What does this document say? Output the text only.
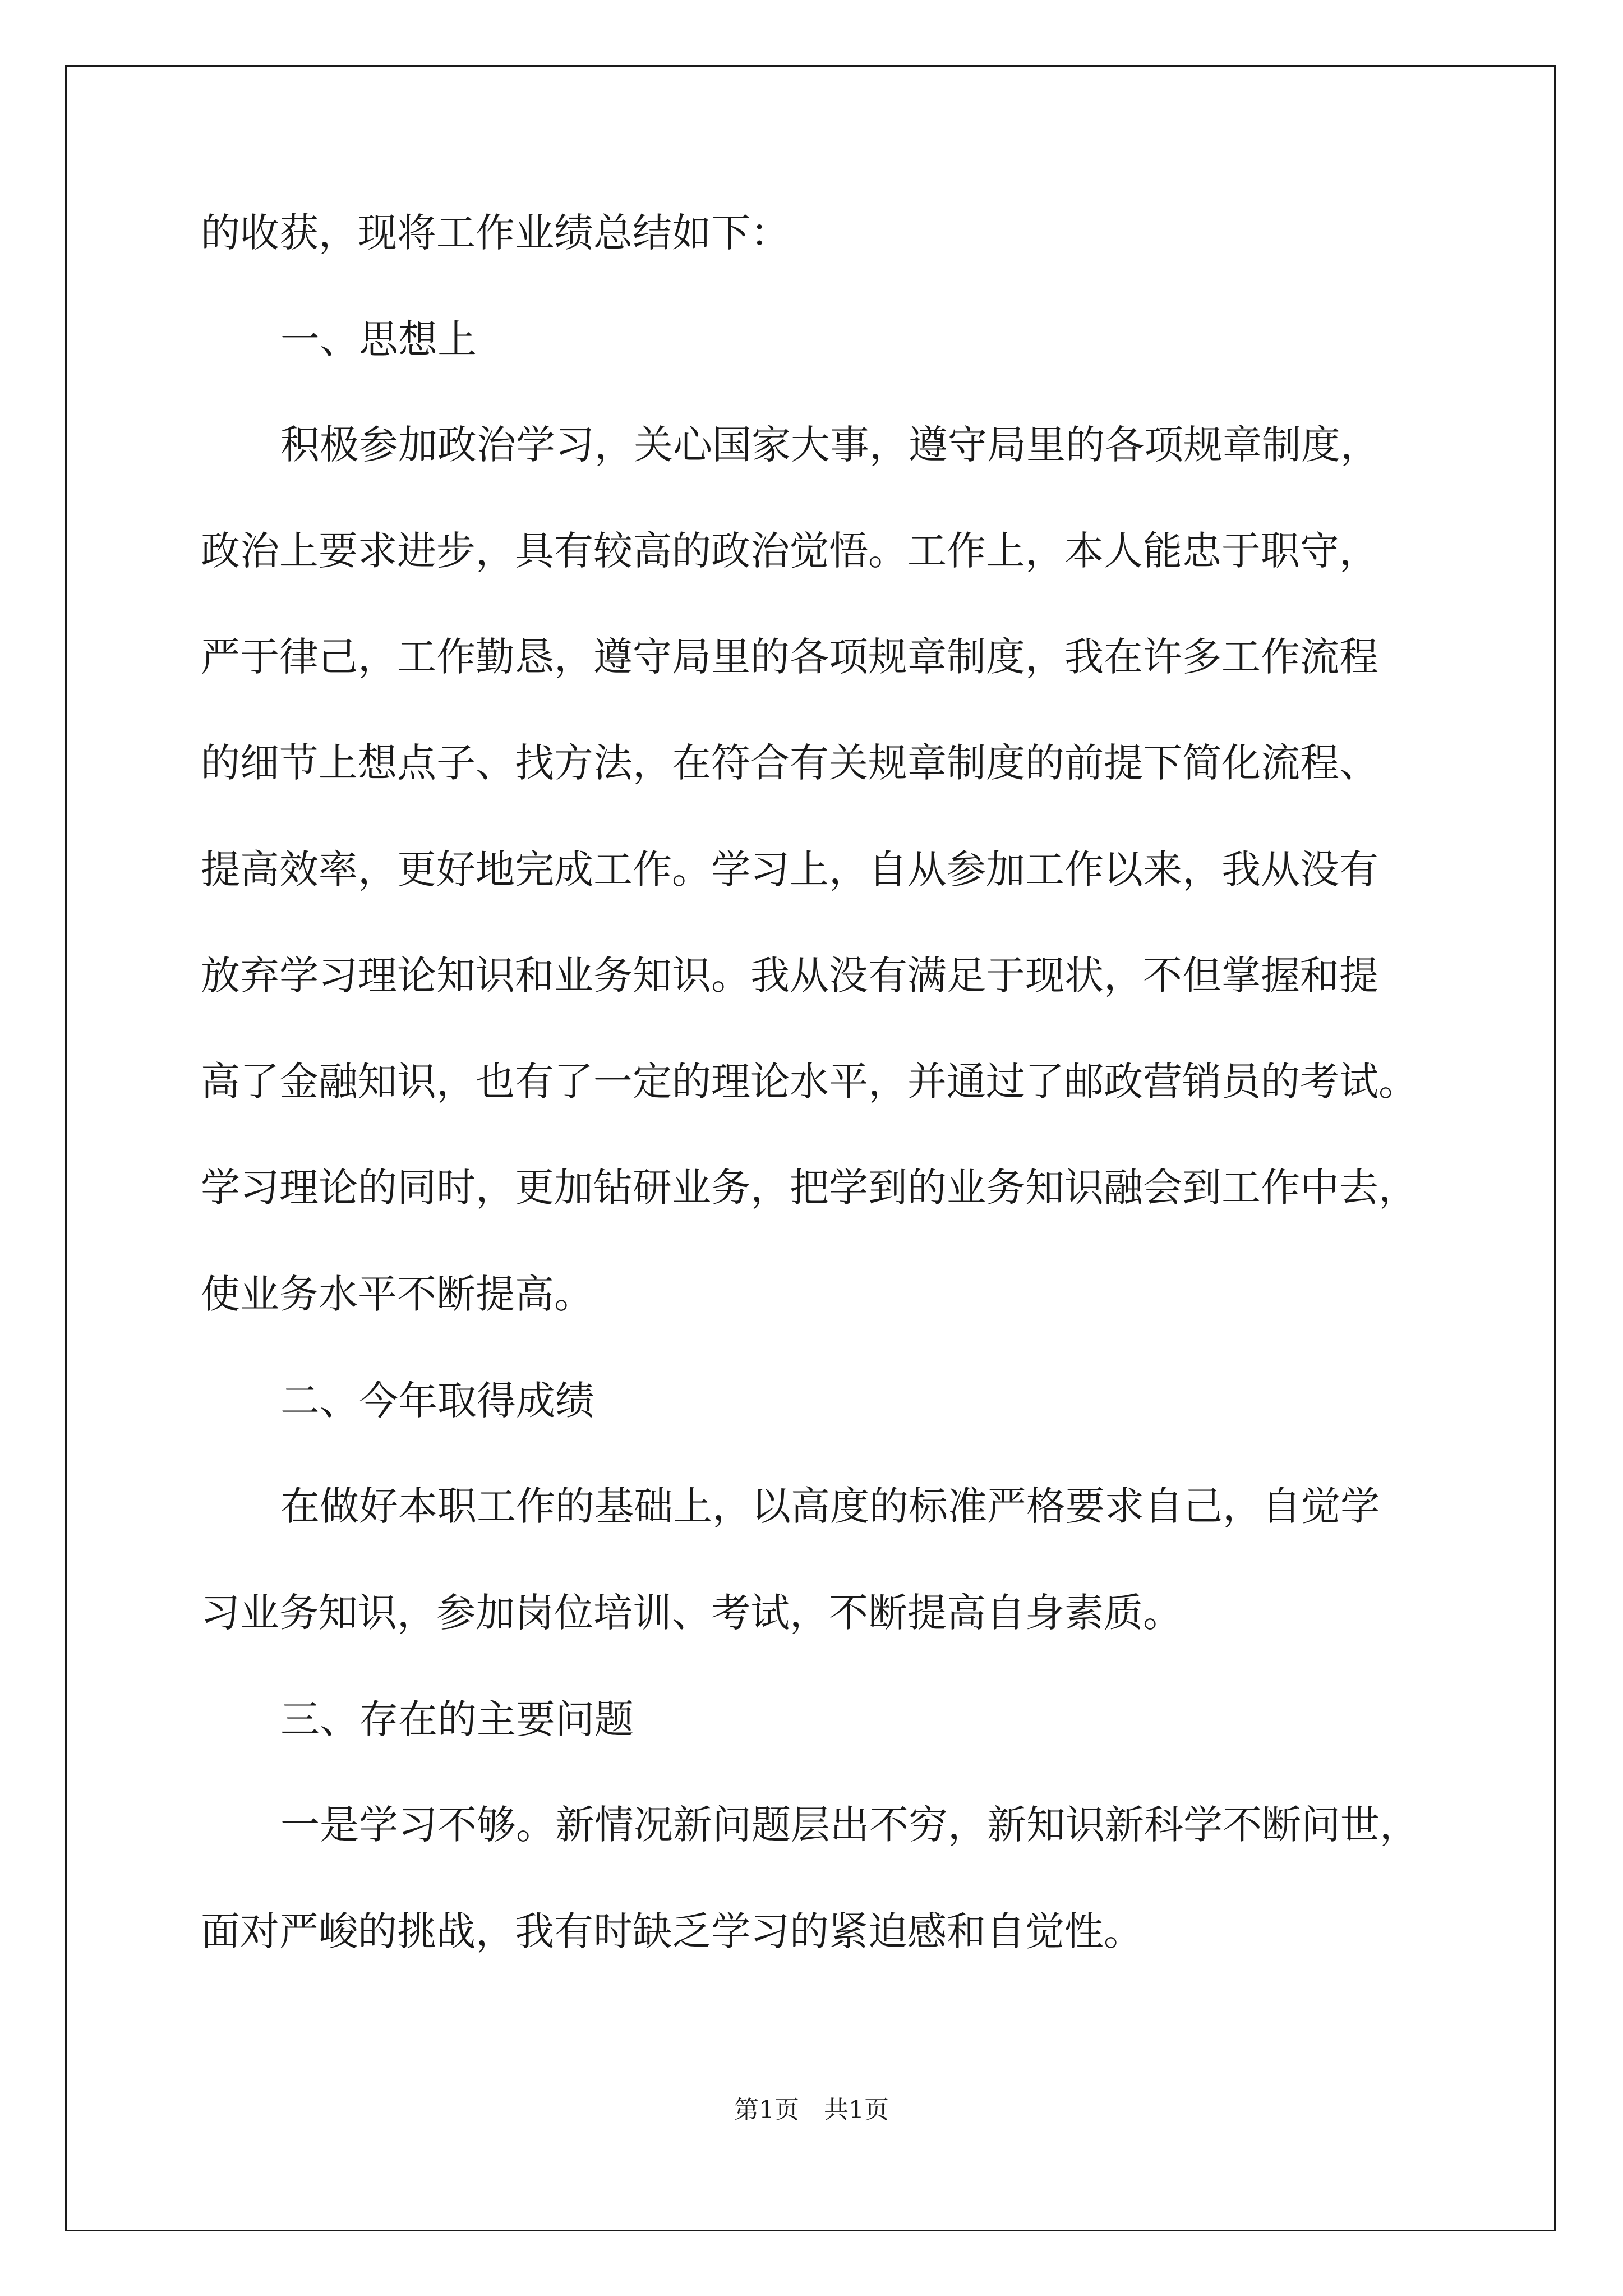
的收获，现将工作业绩总结如下：

一、思想上

积极参加政治学习，关心国家大事，遵守局里的各项规章制度，

政治上要求进步，具有较高的政治觉悟。工作上，本人能忠于职守，

严于律己，工作勤恳，遵守局里的各项规章制度，我在许多工作流程

的细节上想点子、找方法，在符合有关规章制度的前提下简化流程、

提高效率，更好地完成工作。学习上，自从参加工作以来，我从没有

放弃学习理论知识和业务知识。我从没有满足于现状，不但掌握和提

高了金融知识，也有了一定的理论水平，并通过了邮政营销员的考试。

学习理论的同时，更加钻研业务，把学到的业务知识融会到工作中去，

使业务水平不断提高。

二、今年取得成绩

在做好本职工作的基础上，以高度的标准严格要求自己，自觉学

习业务知识，参加岗位培训、考试，不断提高自身素质。

三、存在的主要问题

一是学习不够。新情况新问题层出不穷，新知识新科学不断问世，

面对严峻的挑战，我有时缺乏学习的紧迫感和自觉性。

第1页　共1页
